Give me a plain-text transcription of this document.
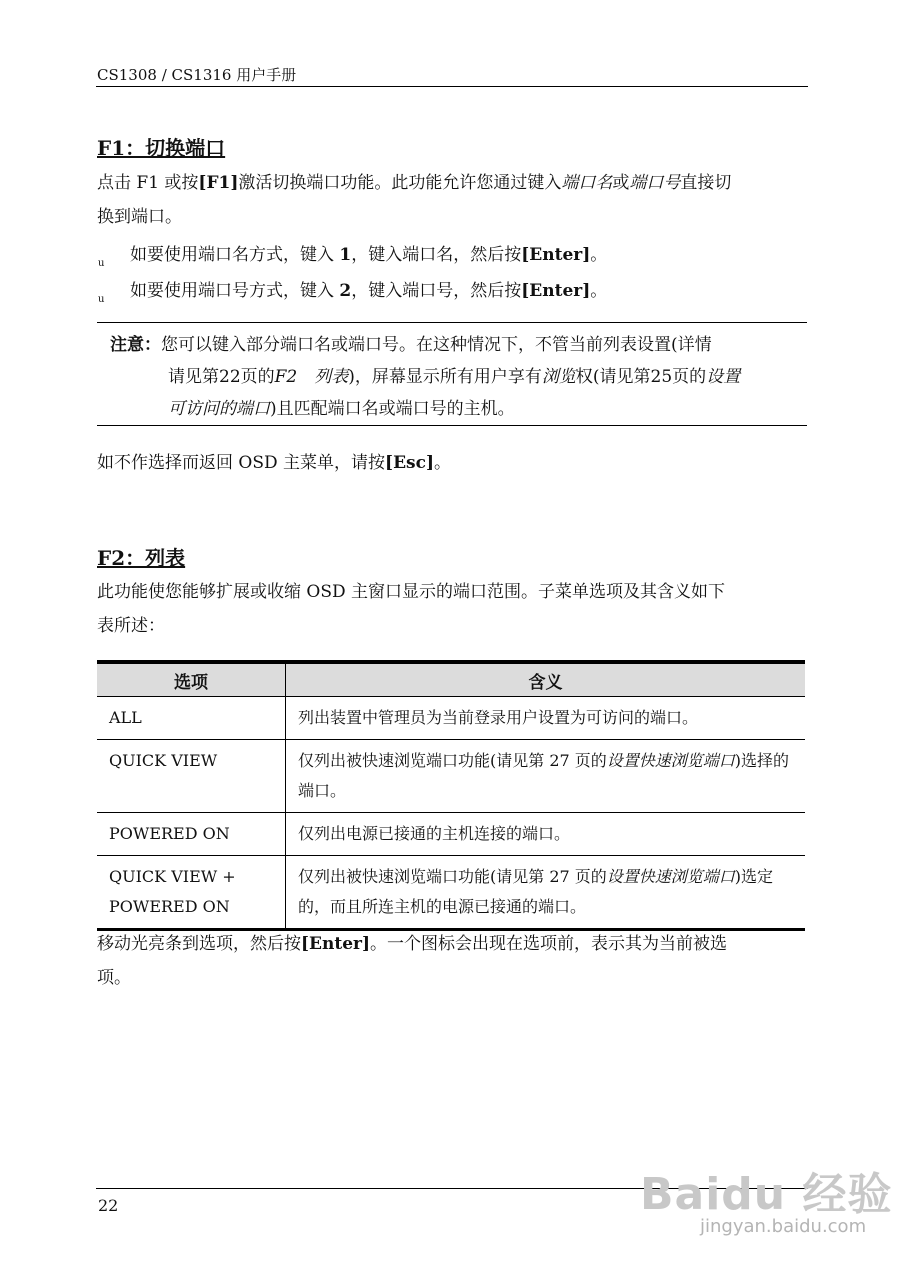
CS1308 / CS1316 用户手册
F1：切换端口
点击 F1 或按[F1]激活切换端口功能。此功能允许您通过键入端口名或端口号直接切
换到端口。
u 如要使用端口名方式，键入 1，键入端口名，然后按[Enter]。
u 如要使用端口号方式，键入 2，键入端口号，然后按[Enter]。
注意：您可以键入部分端口名或端口号。在这种情况下，不管当前列表设置(详情
请见第22页的F2　列表)，屏幕显示所有用户享有浏览权(请见第25页的设置
可访问的端口)且匹配端口名或端口号的主机。
如不作选择而返回 OSD 主菜单，请按[Esc]。
F2：列表
此功能使您能够扩展或收缩 OSD 主窗口显示的端口范围。子菜单选项及其含义如下
表所述：
选项	含义
ALL	列出装置中管理员为当前登录用户设置为可访问的端口。
QUICK VIEW	仅列出被快速浏览端口功能(请见第 27 页的设置快速浏览端口)选择的端口。
POWERED ON	仅列出电源已接通的主机连接的端口。
QUICK VIEW +
POWERED ON	仅列出被快速浏览端口功能(请见第 27 页的设置快速浏览端口)选定的，而且所连主机的电源已接通的端口。
移动光亮条到选项，然后按[Enter]。一个图标会出现在选项前，表示其为当前被选
项。
22	Baidu 经验
jingyan.baidu.com
